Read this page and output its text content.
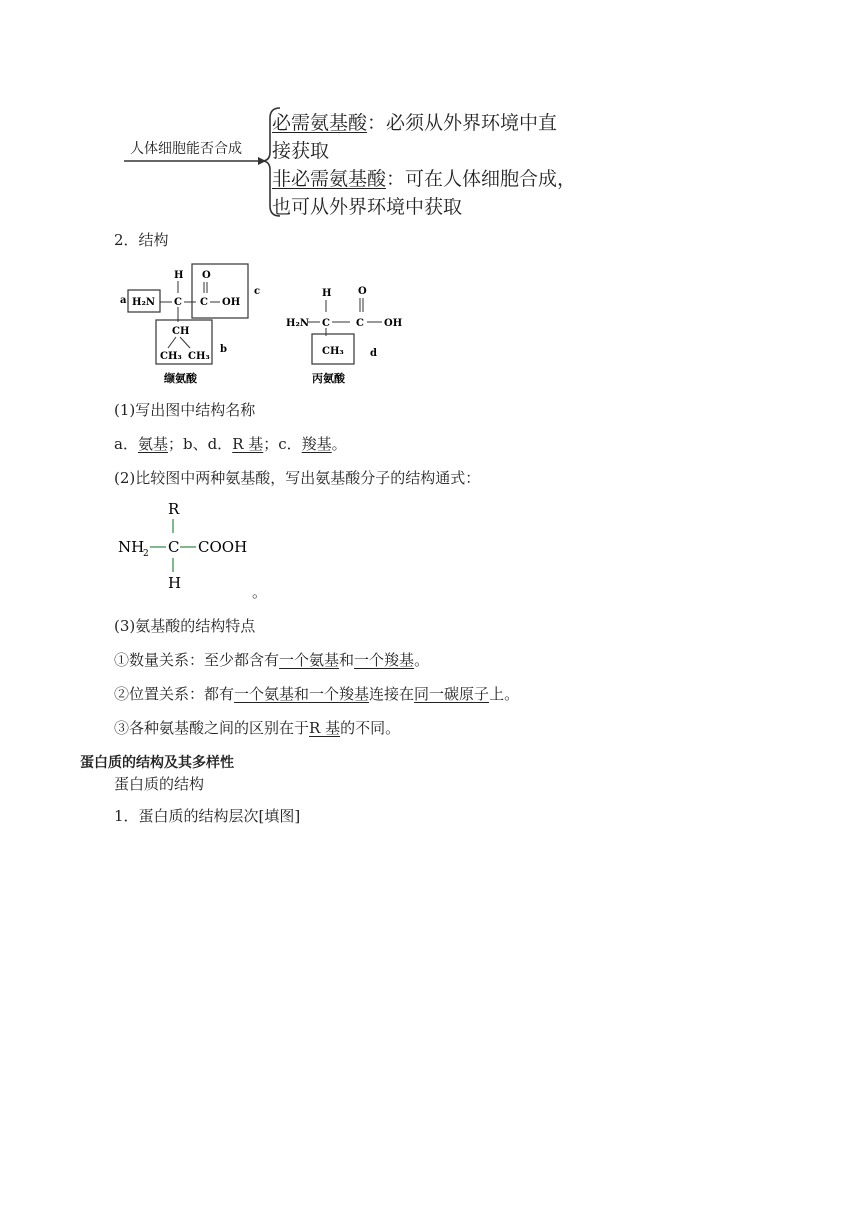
人体细胞能否合成
必需氨基酸：必须从外界环境中直
接获取
非必需氨基酸：可在人体细胞合成，
也可从外界环境中获取
2．结构
a H₂N C
H O
C OH
c
CH
CH₃ CH₃
b
缬氨酸
H
H₂N C
O
C OH
CH₃	d
丙氨酸
(1)写出图中结构名称
a．氨基；b、d．R 基；c．羧基。
(2)比较图中两种氨基酸，写出氨基酸分子的结构通式：
R
NH
2 C COOH
H	。
(3)氨基酸的结构特点
①数量关系：至少都含有一个氨基和一个羧基。
②位置关系：都有一个氨基和一个羧基连接在同一碳原子上。
③各种氨基酸之间的区别在于R 基的不同。
蛋白质的结构及其多样性
蛋白质的结构
1．蛋白质的结构层次[填图]
